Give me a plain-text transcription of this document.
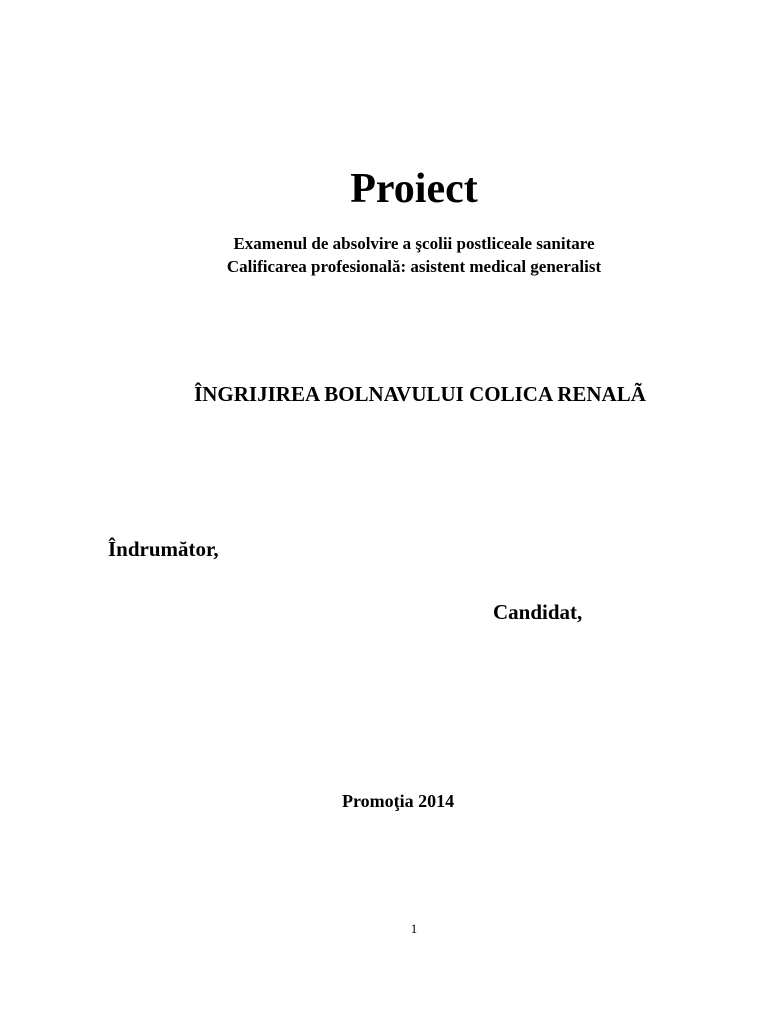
Proiect
Examenul de absolvire a şcolii postliceale sanitare
Calificarea profesională: asistent medical generalist
ÎNGRIJIREA BOLNAVULUI COLICA RENALÃ
Îndrumător,
Candidat,
Promoţia 2014
1
